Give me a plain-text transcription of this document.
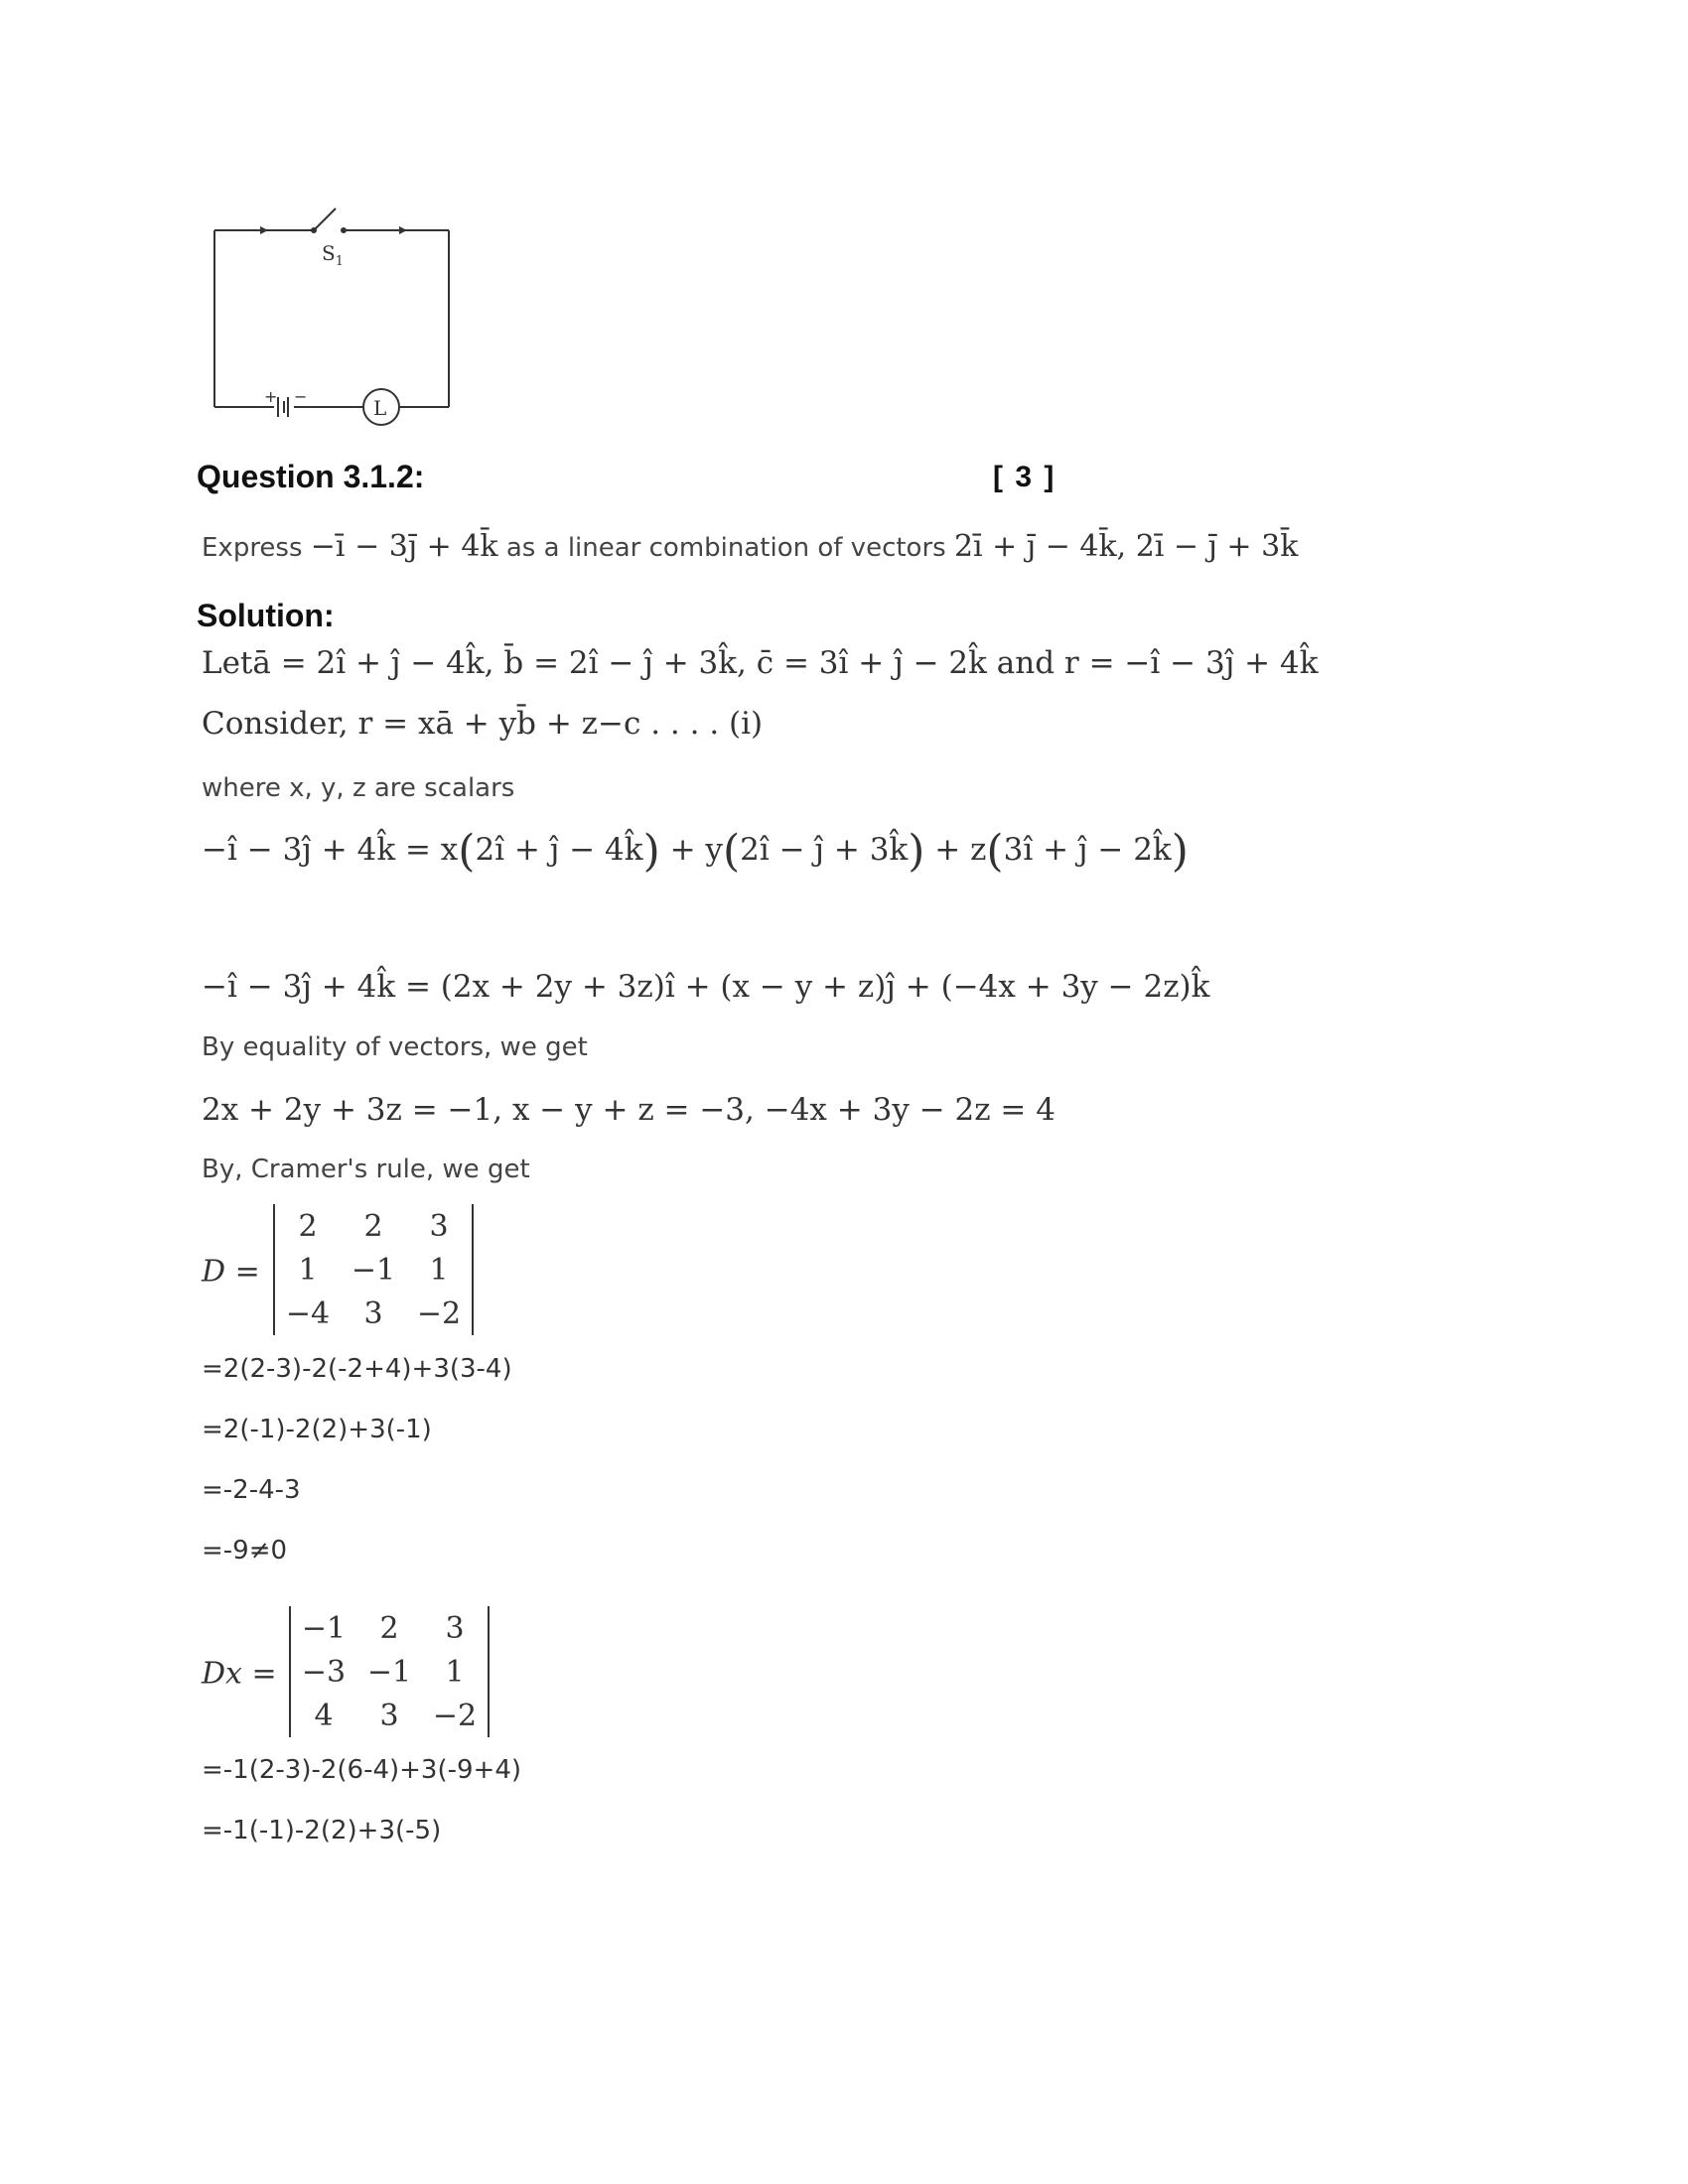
$S_1$
L
+ −
Question 3.1.2:	[ 3 ]
Express −ī − 3j̄ + 4k̄ as a linear combination of vectors 2ī + j̄ − 4k̄, 2ī − j̄ + 3k̄
Solution:
Letā = 2î + ĵ − 4k̂, b̄ = 2î − ĵ + 3k̂, c̄ = 3î + ĵ − 2k̂ and r = −î − 3ĵ + 4k̂
Consider, r = xā + yb̄ + z−c . . . . (i)
where x, y, z are scalars
−î − 3ĵ + 4k̂ = x(2î + ĵ − 4k̂) + y(2î − ĵ + 3k̂) + z(3î + ĵ − 2k̂)
−î − 3ĵ + 4k̂ = (2x + 2y + 3z)î + (x − y + z)ĵ + (−4x + 3y − 2z)k̂
By equality of vectors, we get
2x + 2y + 3z = −1, x − y + z = −3, −4x + 3y − 2z = 4
By, Cramer's rule, we get
D =
2	2	3
1	−1	1
−4	3	−2
=2(2-3)-2(-2+4)+3(3-4)
=2(-1)-2(2)+3(-1)
=-2-4-3
=-9≠0
Dx =
−1	2	3
−3	−1	1
4	3	−2
=-1(2-3)-2(6-4)+3(-9+4)
=-1(-1)-2(2)+3(-5)
